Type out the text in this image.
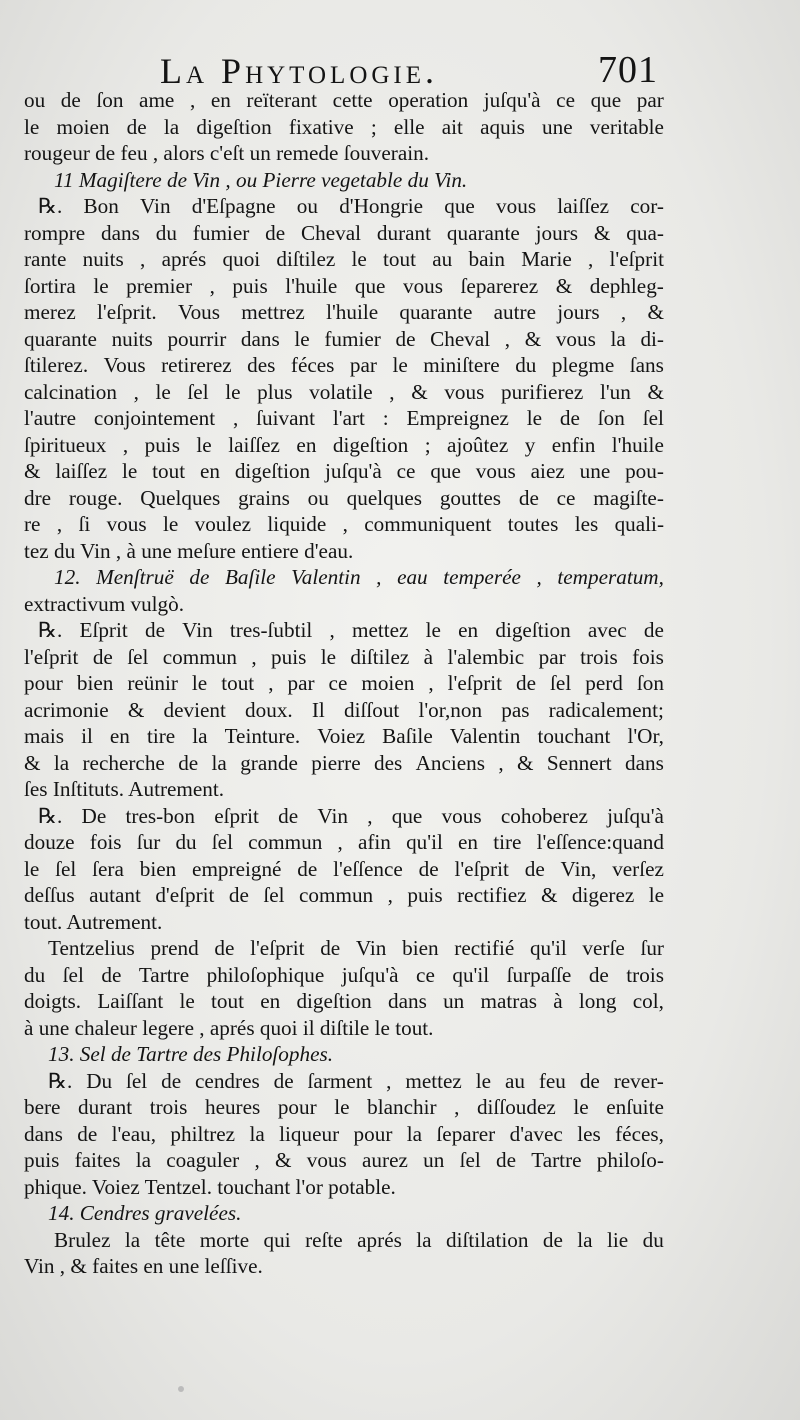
La Phytologie.	701
ou de ſon ame , en reïterant cette operation juſqu'à ce que par
le moien de la digeſtion fixative ; elle ait aquis une veritable
rougeur de feu , alors c'eſt un remede ſouverain.
11 Magiſtere de Vin , ou Pierre vegetable du Vin.
℞. Bon Vin d'Eſpagne ou d'Hongrie que vous laiſſez cor-
rompre dans du fumier de Cheval durant quarante jours & qua-
rante nuits , aprés quoi diſtilez le tout au bain Marie , l'eſprit
ſortira le premier , puis l'huile que vous ſeparerez & dephleg-
merez l'eſprit. Vous mettrez l'huile quarante autre jours , &
quarante nuits pourrir dans le fumier de Cheval , & vous la di-
ſtilerez. Vous retirerez des féces par le miniſtere du plegme ſans
calcination , le ſel le plus volatile , & vous purifierez l'un &
l'autre conjointement , ſuivant l'art : Empreignez le de ſon ſel
ſpiritueux , puis le laiſſez en digeſtion ; ajoûtez y enfin l'huile
& laiſſez le tout en digeſtion juſqu'à ce que vous aiez une pou-
dre rouge. Quelques grains ou quelques gouttes de ce magiſte-
re , ſi vous le voulez liquide , communiquent toutes les quali-
tez du Vin , à une meſure entiere d'eau.
12. Menſtruë de Baſile Valentin , eau temperée , temperatum,
extractivum vulgò.
℞. Eſprit de Vin tres-ſubtil , mettez le en digeſtion avec de
l'eſprit de ſel commun , puis le diſtilez à l'alembic par trois fois
pour bien reünir le tout , par ce moien , l'eſprit de ſel perd ſon
acrimonie & devient doux. Il diſſout l'or,non pas radicalement;
mais il en tire la Teinture. Voiez Baſile Valentin touchant l'Or,
& la recherche de la grande pierre des Anciens , & Sennert dans
ſes Inſtituts. Autrement.
℞. De tres-bon eſprit de Vin , que vous cohoberez juſqu'à
douze fois ſur du ſel commun , afin qu'il en tire l'eſſence:quand
le ſel ſera bien empreigné de l'eſſence de l'eſprit de Vin, verſez
deſſus autant d'eſprit de ſel commun , puis rectifiez & digerez le
tout. Autrement.
Tentzelius prend de l'eſprit de Vin bien rectifié qu'il verſe ſur
du ſel de Tartre philoſophique juſqu'à ce qu'il ſurpaſſe de trois
doigts. Laiſſant le tout en digeſtion dans un matras à long col,
à une chaleur legere , aprés quoi il diſtile le tout.
13. Sel de Tartre des Philoſophes.
℞. Du ſel de cendres de ſarment , mettez le au feu de rever-
bere durant trois heures pour le blanchir , diſſoudez le enſuite
dans de l'eau, philtrez la liqueur pour la ſeparer d'avec les féces,
puis faites la coaguler , & vous aurez un ſel de Tartre philoſo-
phique. Voiez Tentzel. touchant l'or potable.
14. Cendres gravelées.
Brulez la tête morte qui reſte aprés la diſtilation de la lie du
Vin , & faites en une leſſive.
